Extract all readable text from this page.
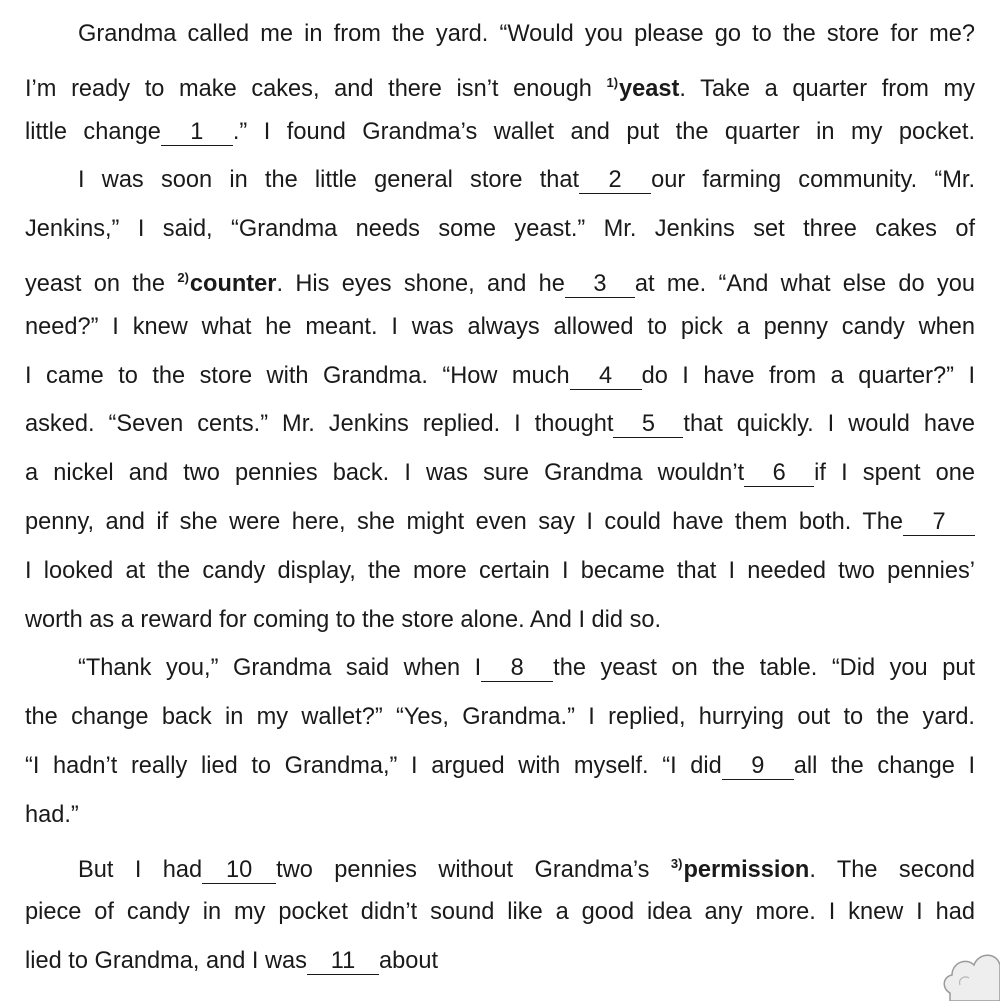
Grandma called me in from the yard. “Would you please go to the store for me?
I’m ready to make cakes, and there isn’t enough $^{1)}$yeast. Take a quarter from my
little change 1 .” I found Grandma’s wallet and put the quarter in my pocket.
I was soon in the little general store that 2 our farming community. “Mr.
Jenkins,” I said, “Grandma needs some yeast.” Mr. Jenkins set three cakes of
yeast on the $^{2)}$counter. His eyes shone, and he 3 at me. “And what else do you
need?” I knew what he meant. I was always allowed to pick a penny candy when
I came to the store with Grandma. “How much 4 do I have from a quarter?” I
asked. “Seven cents.” Mr. Jenkins replied. I thought 5 that quickly. I would have
a nickel and two pennies back. I was sure Grandma wouldn’t 6 if I spent one
penny, and if she were here, she might even say I could have them both. The 7
I looked at the candy display, the more certain I became that I needed two pennies’
worth as a reward for coming to the store alone. And I did so.
“Thank you,” Grandma said when I 8 the yeast on the table. “Did you put
the change back in my wallet?” “Yes, Grandma.” I replied, hurrying out to the yard.
“I hadn’t really lied to Grandma,” I argued with myself. “I did 9 all the change I
had.”
But I had 10 two pennies without Grandma’s $^{3)}$permission. The second
piece of candy in my pocket didn’t sound like a good idea any more. I knew I had
lied to Grandma, and I was 11 about
